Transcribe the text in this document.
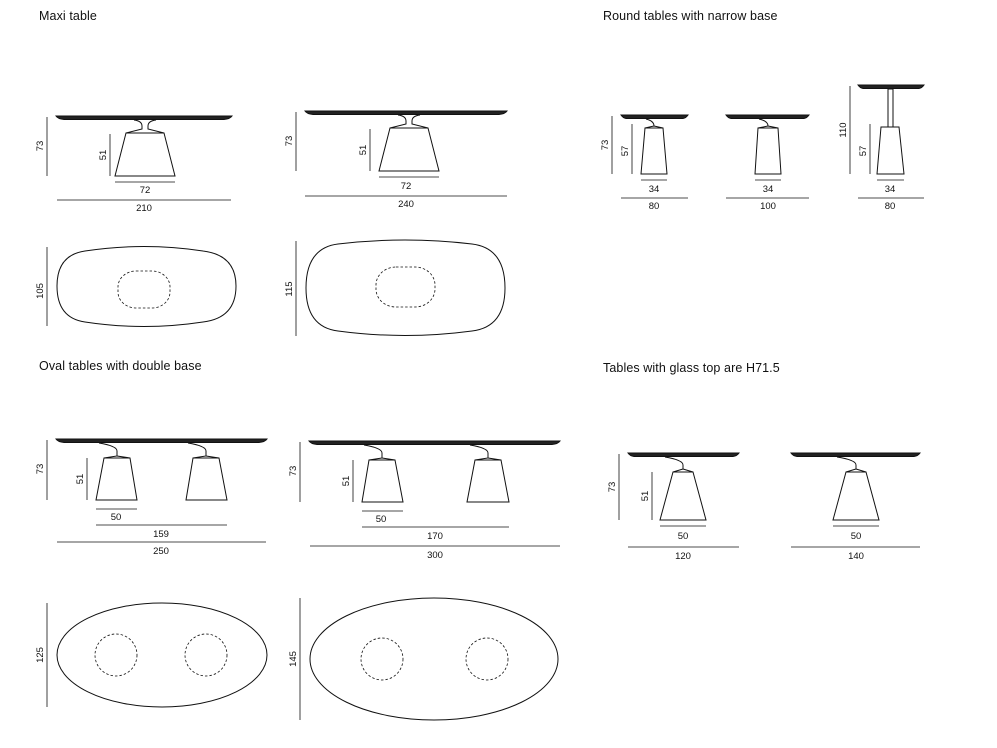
Maxi table	Round tables with narrow base
Oval tables with double base	Tables with glass top are H71.5
73
51
72
210
73
51
72
240
105	115
73
57
34
80
34
100
110
57
34
80
73
51
50
159
250
73
51
50
170
300
125	145
73
51
50
120
50
140
